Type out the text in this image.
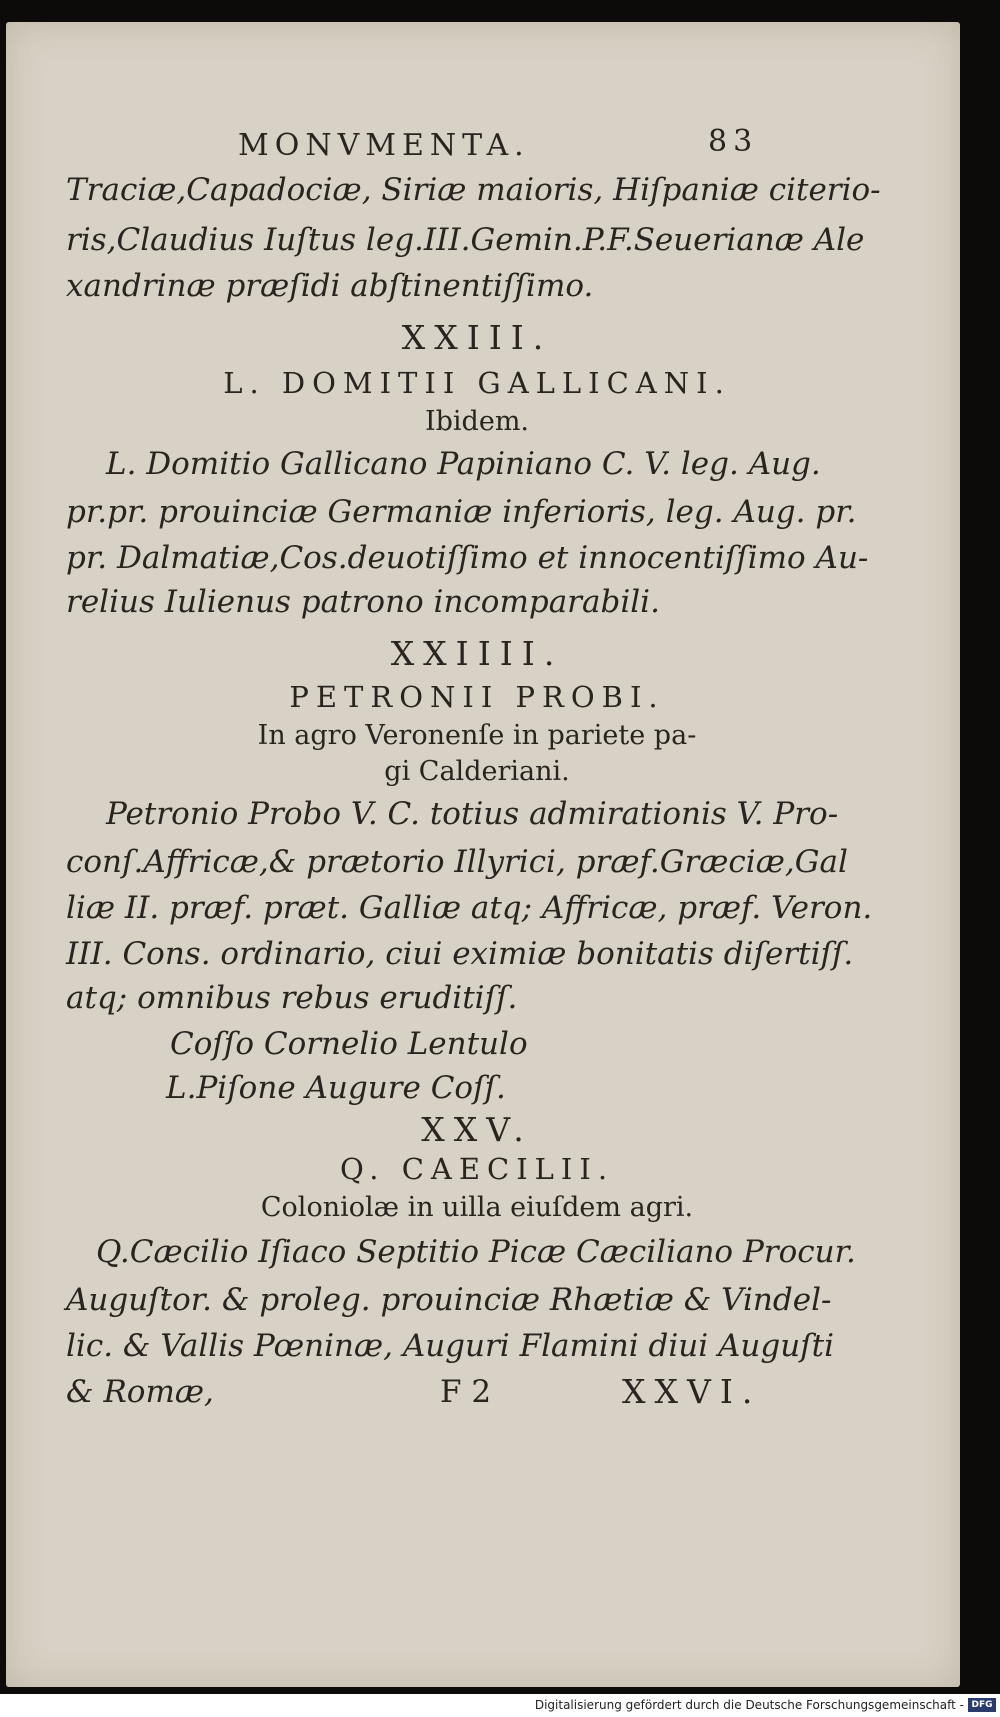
MONVMENTA.	83

Traciæ,Capadociæ, Siriæ maioris, Hiſpaniæ citerio-

ris,Claudius Iuſtus leg.III.Gemin.P.F.Seuerianæ Ale

xandrinæ præſidi abſtinentiſſimo.

XXIII.

L. DOMITII GALLICANI.

Ibidem.

L. Domitio Gallicano Papiniano C. V. leg. Aug.

pr.pr. prouinciæ Germaniæ inferioris, leg. Aug. pr.

pr. Dalmatiæ,Cos.deuotiſſimo et innocentiſſimo Au-

relius Iulienus patrono incomparabili.

XXIIII.

PETRONII PROBI.

In agro Veronenſe in pariete pa-

gi Calderiani.

Petronio Probo V. C. totius admirationis V. Pro-

conſ.Affricæ,& prætorio Illyrici, præf.Græciæ,Gal

liæ II. præf. præt. Galliæ atq; Affricæ, præf. Veron.

III. Cons. ordinario, ciui eximiæ bonitatis diſertiſſ.

atq; omnibus rebus eruditiſſ.

Coſſo Cornelio Lentulo

L.Piſone Augure Coſſ.

XXV.

Q. CAECILII.

Coloniolæ in uilla eiuſdem agri.

Q.Cæcilio Iſiaco Septitio Picæ Cæciliano Procur.

Auguſtor. & proleg. prouinciæ Rhætiæ & Vindel-

lic. & Vallis Pœninæ, Auguri Flamini diui Auguſti

& Romæ,	F 2	XXVI.

Digitalisierung gefördert durch die Deutsche Forschungsgemeinschaft - DFG
